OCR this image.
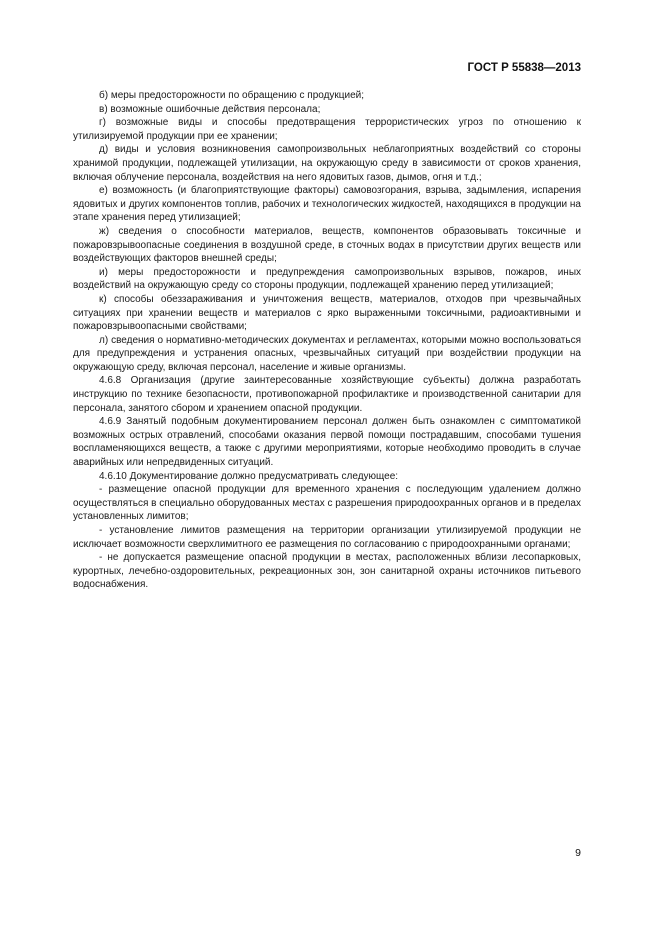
ГОСТ Р 55838—2013

б) меры предосторожности по обращению с продукцией;

в) возможные ошибочные действия персонала;

г) возможные виды и способы предотвращения террористических угроз по отношению к утилизируемой продукции при ее хранении;

д) виды и условия возникновения самопроизвольных неблагоприятных воздействий со стороны хранимой продукции, подлежащей утилизации, на окружающую среду в зависимости от сроков хранения, включая облучение персонала, воздействия на него ядовитых газов, дымов, огня и т.д.;

е) возможность (и благоприятствующие факторы) самовозгорания, взрыва, задымления, испарения ядовитых и других компонентов топлив, рабочих и технологических жидкостей, находящихся в продукции на этапе хранения перед утилизацией;

ж) сведения о способности материалов, веществ, компонентов образовывать токсичные и пожаровзрывоопасные соединения в воздушной среде, в сточных водах в присутствии других веществ или воздействующих факторов внешней среды;

и) меры предосторожности и предупреждения самопроизвольных взрывов, пожаров, иных воздействий на окружающую среду со стороны продукции, подлежащей хранению перед утилизацией;

к) способы обеззараживания и уничтожения веществ, материалов, отходов при чрезвычайных ситуациях при хранении веществ и материалов с ярко выраженными токсичными, радиоактивными и пожаровзрывоопасными свойствами;

л) сведения о нормативно-методических документах и регламентах, которыми можно воспользоваться для предупреждения и устранения опасных, чрезвычайных ситуаций при воздействии продукции на окружающую среду, включая персонал, население и живые организмы.

4.6.8 Организация (другие заинтересованные хозяйствующие субъекты) должна разработать инструкцию по технике безопасности, противопожарной профилактике и производственной санитарии для персонала, занятого сбором и хранением опасной продукции.

4.6.9 Занятый подобным документированием персонал должен быть ознакомлен с симптоматикой возможных острых отравлений, способами оказания первой помощи пострадавшим, способами тушения воспламеняющихся веществ, а также с другими мероприятиями, которые необходимо проводить в случае аварийных или непредвиденных ситуаций.

4.6.10 Документирование должно предусматривать следующее:

- размещение опасной продукции для временного хранения с последующим удалением должно осуществляться в специально оборудованных местах с разрешения природоохранных органов и в пределах установленных лимитов;

- установление лимитов размещения на территории организации утилизируемой продукции не исключает возможности сверхлимитного ее размещения по согласованию с природоохранными органами;

- не допускается размещение опасной продукции в местах, расположенных вблизи лесопарковых, курортных, лечебно-оздоровительных, рекреационных зон, зон санитарной охраны источников питьевого водоснабжения.

9
